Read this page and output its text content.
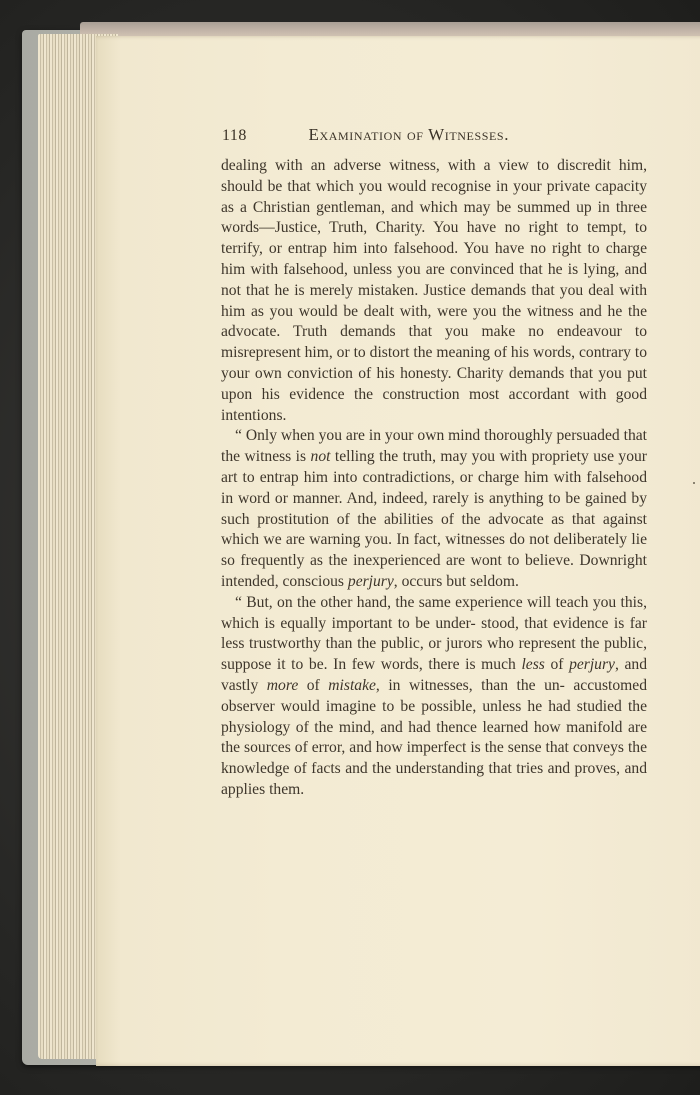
118	Examination of Witnesses.

dealing with an adverse witness, with a view to discredit him, should be that which you would recognise in your private capacity as a Christian gentleman, and which may be summed up in three words—Justice, Truth, Charity. You have no right to tempt, to terrify, or entrap him into falsehood. You have no right to charge him with falsehood, unless you are convinced that he is lying, and not that he is merely mistaken. Justice demands that you deal with him as you would be dealt with, were you the witness and he the advocate. Truth demands that you make no endeavour to misrepresent him, or to distort the meaning of his words, contrary to your own conviction of his honesty. Charity demands that you put upon his evidence the construction most accordant with good intentions.

“ Only when you are in your own mind thoroughly persuaded that the witness is not telling the truth, may you with propriety use your art to entrap him into contradictions, or charge him with falsehood in word or manner. And, indeed, rarely is anything to be gained by such prostitution of the abilities of the advocate as that against which we are warning you. In fact, witnesses do not deliberately lie so frequently as the inexperienced are wont to believe. Downright intended, conscious perjury, occurs but seldom.

“ But, on the other hand, the same experience will teach you this, which is equally important to be under- stood, that evidence is far less trustworthy than the public, or jurors who represent the public, suppose it to be. In few words, there is much less of perjury, and vastly more of mistake, in witnesses, than the un- accustomed observer would imagine to be possible, unless he had studied the physiology of the mind, and had thence learned how manifold are the sources of error, and how imperfect is the sense that conveys the knowledge of facts and the understanding that tries and proves, and applies them.
